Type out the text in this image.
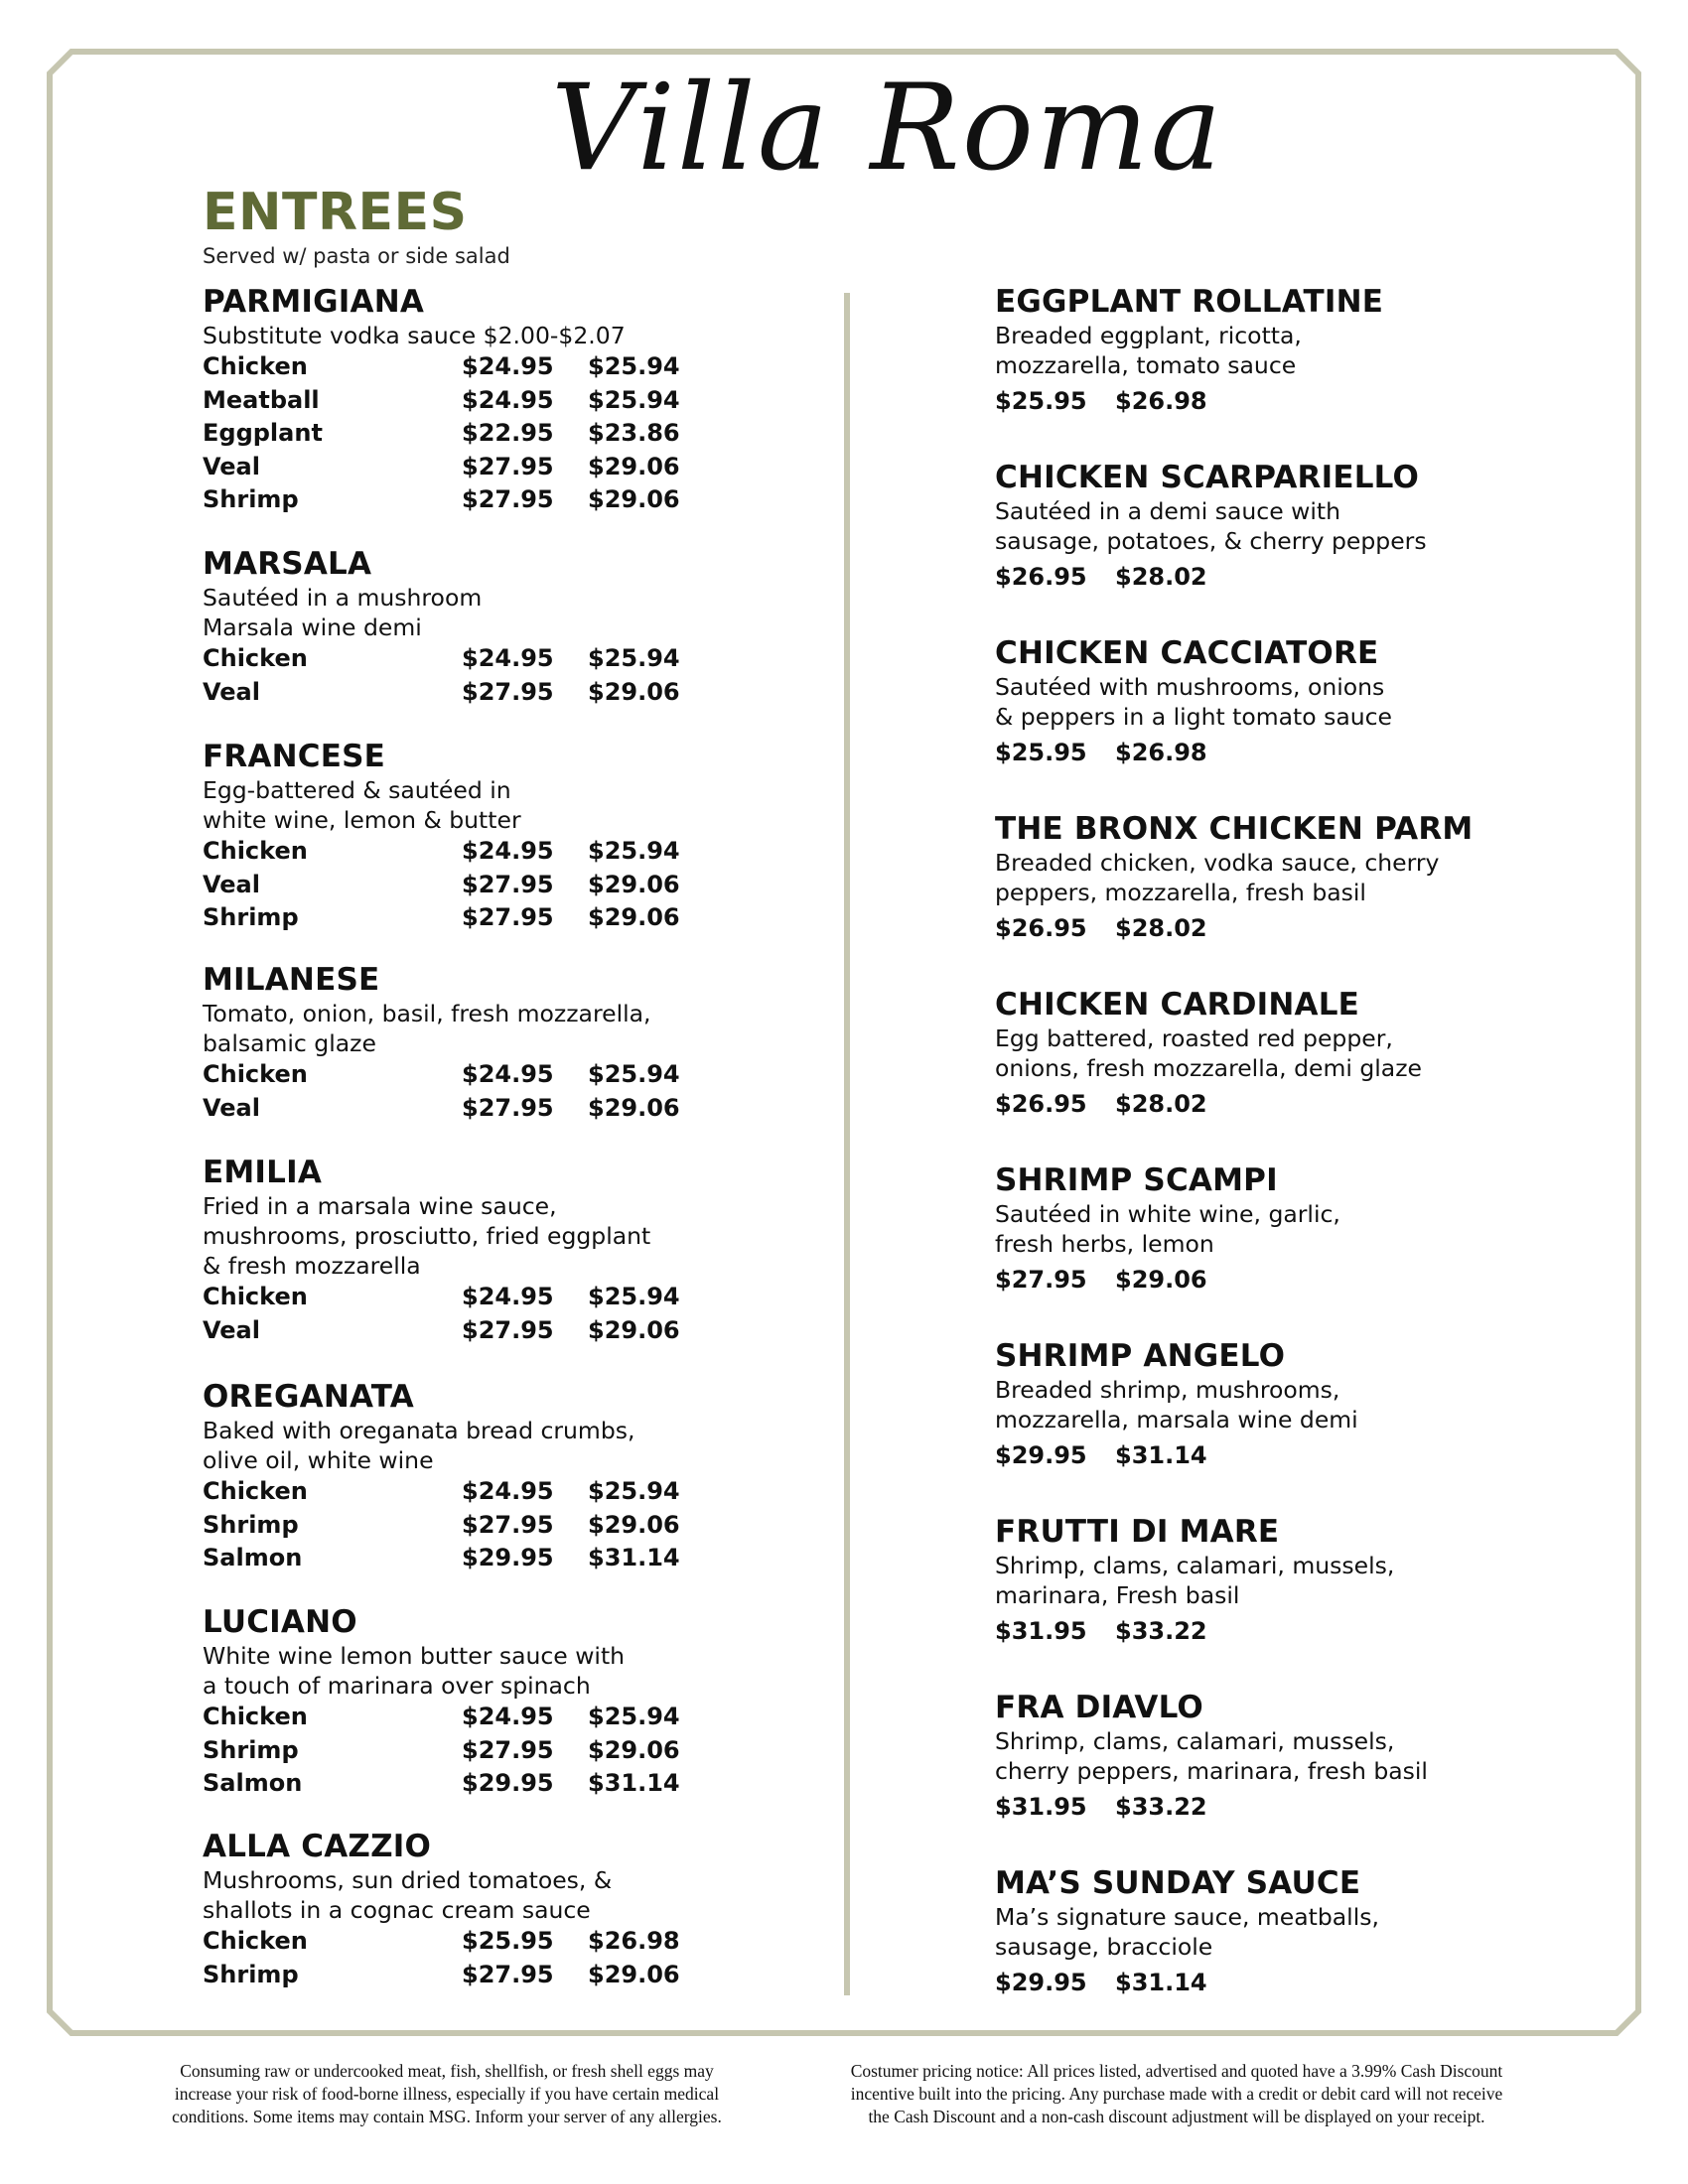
Villa Roma
ENTREES
Served w/ pasta or side salad
PARMIGIANA
Substitute vodka sauce $2.00-$2.07
Chicken	$24.95 $25.94
Meatball	$24.95 $25.94
Eggplant	$22.95 $23.86
Veal	$27.95 $29.06
Shrimp	$27.95 $29.06
MARSALA
Sautéed in a mushroom
Marsala wine demi
Chicken	$24.95 $25.94
Veal	$27.95 $29.06
FRANCESE
Egg-battered & sautéed in
white wine, lemon & butter
Chicken	$24.95 $25.94
Veal	$27.95 $29.06
Shrimp	$27.95 $29.06
MILANESE
Tomato, onion, basil, fresh mozzarella,
balsamic glaze
Chicken	$24.95 $25.94
Veal	$27.95 $29.06
EMILIA
Fried in a marsala wine sauce,
mushrooms, prosciutto, fried eggplant
& fresh mozzarella
Chicken	$24.95 $25.94
Veal	$27.95 $29.06
OREGANATA
Baked with oreganata bread crumbs,
olive oil, white wine
Chicken	$24.95 $25.94
Shrimp	$27.95 $29.06
Salmon	$29.95 $31.14
LUCIANO
White wine lemon butter sauce with
a touch of marinara over spinach
Chicken	$24.95 $25.94
Shrimp	$27.95 $29.06
Salmon	$29.95 $31.14
ALLA CAZZIO
Mushrooms, sun dried tomatoes, &
shallots in a cognac cream sauce
Chicken	$25.95 $26.98
Shrimp	$27.95 $29.06
EGGPLANT ROLLATINE
Breaded eggplant, ricotta,
mozzarella, tomato sauce
$25.95 $26.98
CHICKEN SCARPARIELLO
Sautéed in a demi sauce with
sausage, potatoes, & cherry peppers
$26.95 $28.02
CHICKEN CACCIATORE
Sautéed with mushrooms, onions
& peppers in a light tomato sauce
$25.95 $26.98
THE BRONX CHICKEN PARM
Breaded chicken, vodka sauce, cherry
peppers, mozzarella, fresh basil
$26.95 $28.02
CHICKEN CARDINALE
Egg battered, roasted red pepper,
onions, fresh mozzarella, demi glaze
$26.95 $28.02
SHRIMP SCAMPI
Sautéed in white wine, garlic,
fresh herbs, lemon
$27.95 $29.06
SHRIMP ANGELO
Breaded shrimp, mushrooms,
mozzarella, marsala wine demi
$29.95 $31.14
FRUTTI DI MARE
Shrimp, clams, calamari, mussels,
marinara, Fresh basil
$31.95 $33.22
FRA DIAVLO
Shrimp, clams, calamari, mussels,
cherry peppers, marinara, fresh basil
$31.95 $33.22
MA’S SUNDAY SAUCE
Ma’s signature sauce, meatballs,
sausage, bracciole
$29.95 $31.14
Consuming raw or undercooked meat, fish, shellfish, or fresh shell eggs may
increase your risk of food-borne illness, especially if you have certain medical
conditions. Some items may contain MSG. Inform your server of any allergies.
Costumer pricing notice: All prices listed, advertised and quoted have a 3.99% Cash Discount
incentive built into the pricing. Any purchase made with a credit or debit card will not receive
the Cash Discount and a non-cash discount adjustment will be displayed on your receipt.
